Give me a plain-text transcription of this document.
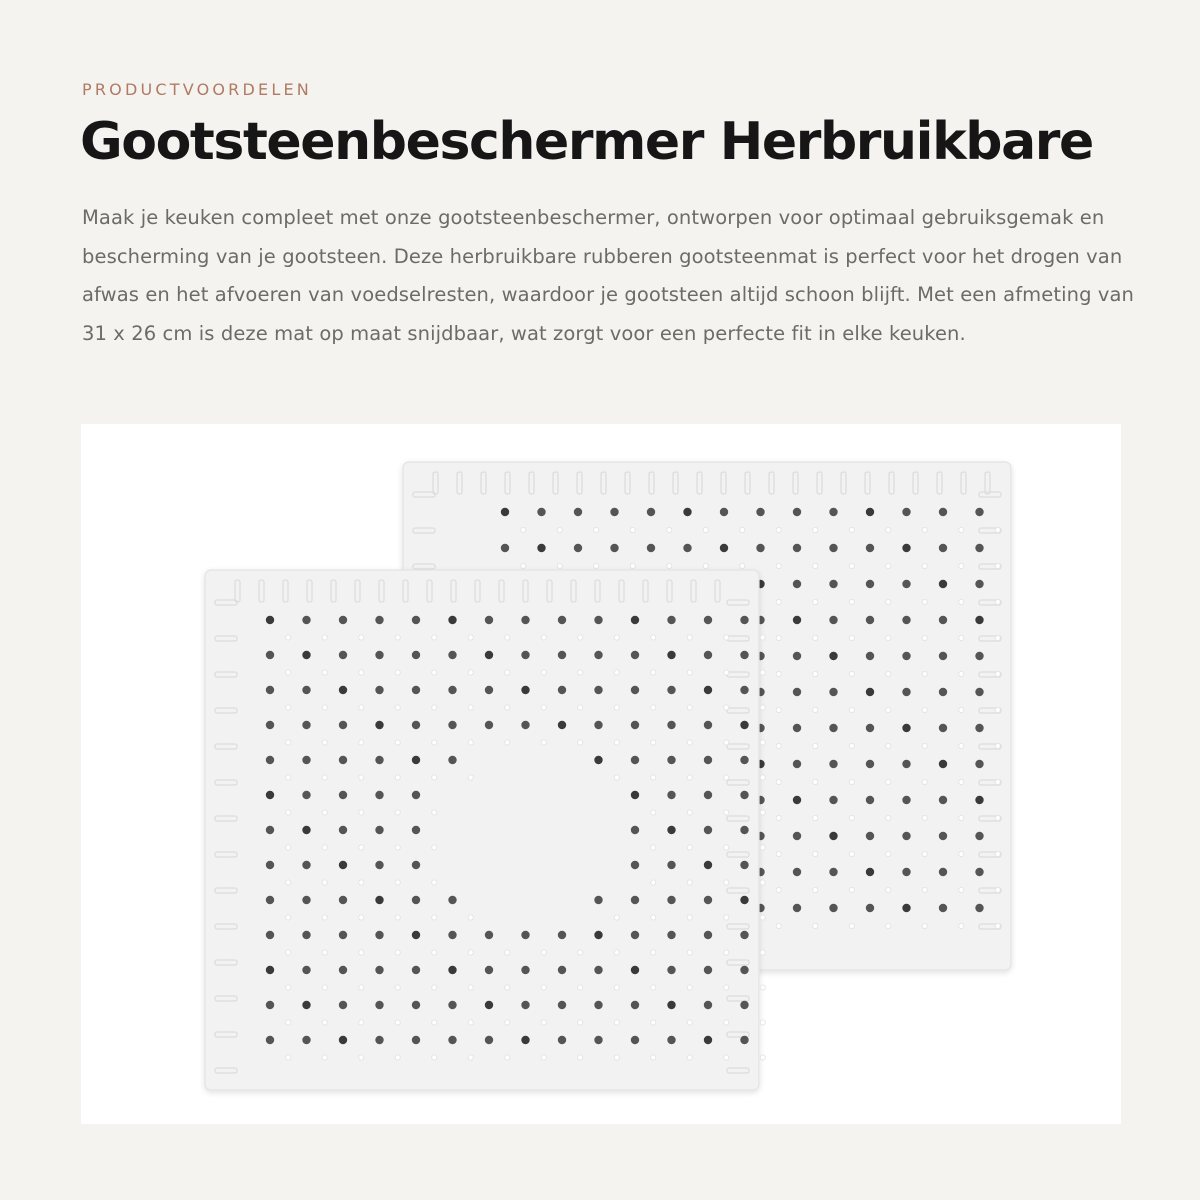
PRODUCTVOORDELEN
Gootsteenbeschermer Herbruikbare

Maak je keuken compleet met onze gootsteenbeschermer, ontworpen voor optimaal gebruiksgemak en bescherming van je gootsteen. Deze herbruikbare rubberen gootsteenmat is perfect voor het drogen van afwas en het afvoeren van voedselresten, waardoor je gootsteen altijd schoon blijft. Met een afmeting van 31 x 26 cm is deze mat op maat snijdbaar, wat zorgt voor een perfecte fit in elke keuken.
